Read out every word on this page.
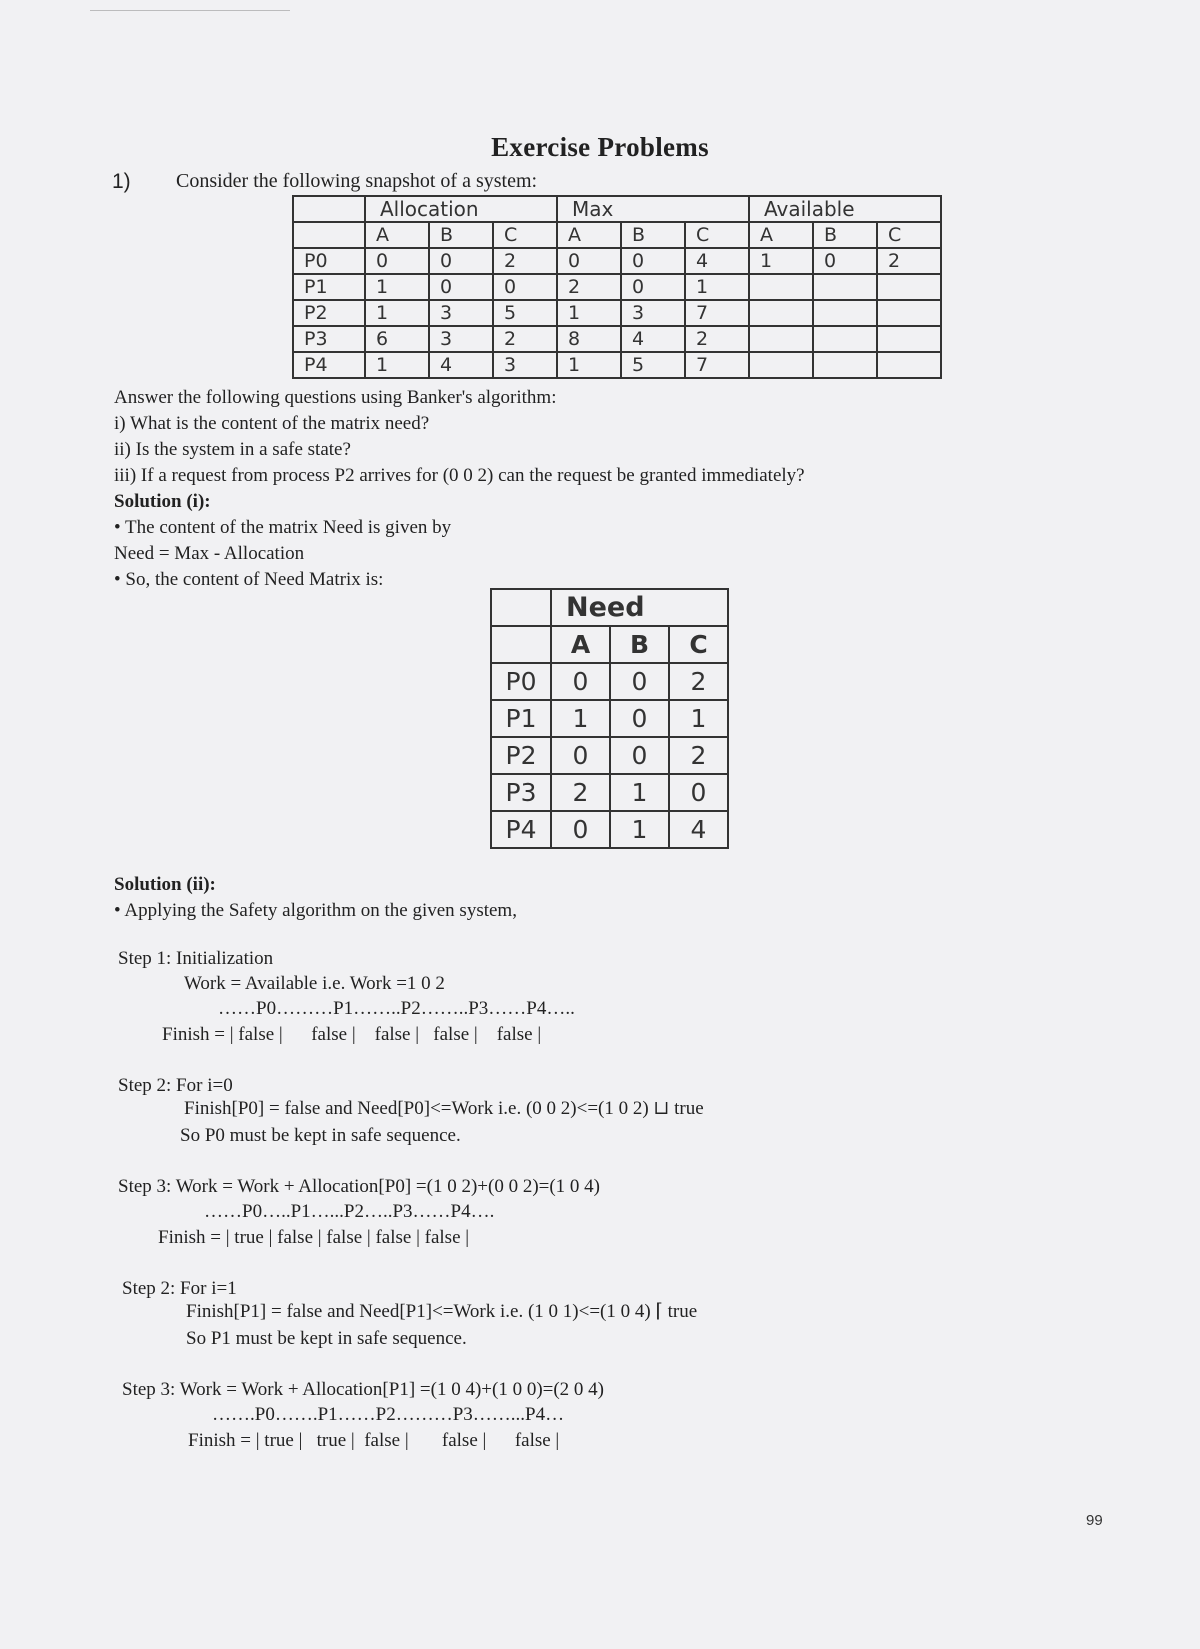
Exercise Problems
1) Consider the following snapshot of a system:
	Allocation			Max			Available		
	A	B	C	A	B	C	A	B	C
P0	0	0	2	0	0	4	1	0	2
P1	1	0	0	2	0	1			
P2	1	3	5	1	3	7			
P3	6	3	2	8	4	2			
P4	1	4	3	1	5	7			
Answer the following questions using Banker's algorithm:
i) What is the content of the matrix need?
ii) Is the system in a safe state?
iii) If a request from process P2 arrives for (0 0 2) can the request be granted immediately?
Solution (i):
• The content of the matrix Need is given by
Need = Max - Allocation
• So, the content of Need Matrix is:
	Need		
	A	B	C
P0	0	0	2
P1	1	0	1
P2	0	0	2
P3	2	1	0
P4	0	1	4
Solution (ii):
• Applying the Safety algorithm on the given system,
Step 1: Initialization
Work = Available i.e. Work =1 0 2
……P0………P1……..P2……..P3……P4…..
Finish = | false |      false |    false |   false |    false |
Step 2: For i=0
Finish[P0] = false and Need[P0]<=Work i.e. (0 0 2)<=(1 0 2) ⊔ true
So P0 must be kept in safe sequence.
Step 3: Work = Work + Allocation[P0] =(1 0 2)+(0 0 2)=(1 0 4)
……P0…..P1…...P2…..P3……P4….
Finish = | true | false | false | false | false |
Step 2: For i=1
Finish[P1] = false and Need[P1]<=Work i.e. (1 0 1)<=(1 0 4) ⌈ true
So P1 must be kept in safe sequence.
Step 3: Work = Work + Allocation[P1] =(1 0 4)+(1 0 0)=(2 0 4)
…….P0…….P1……P2………P3……...P4…
Finish = | true |   true |  false |       false |      false |
99
